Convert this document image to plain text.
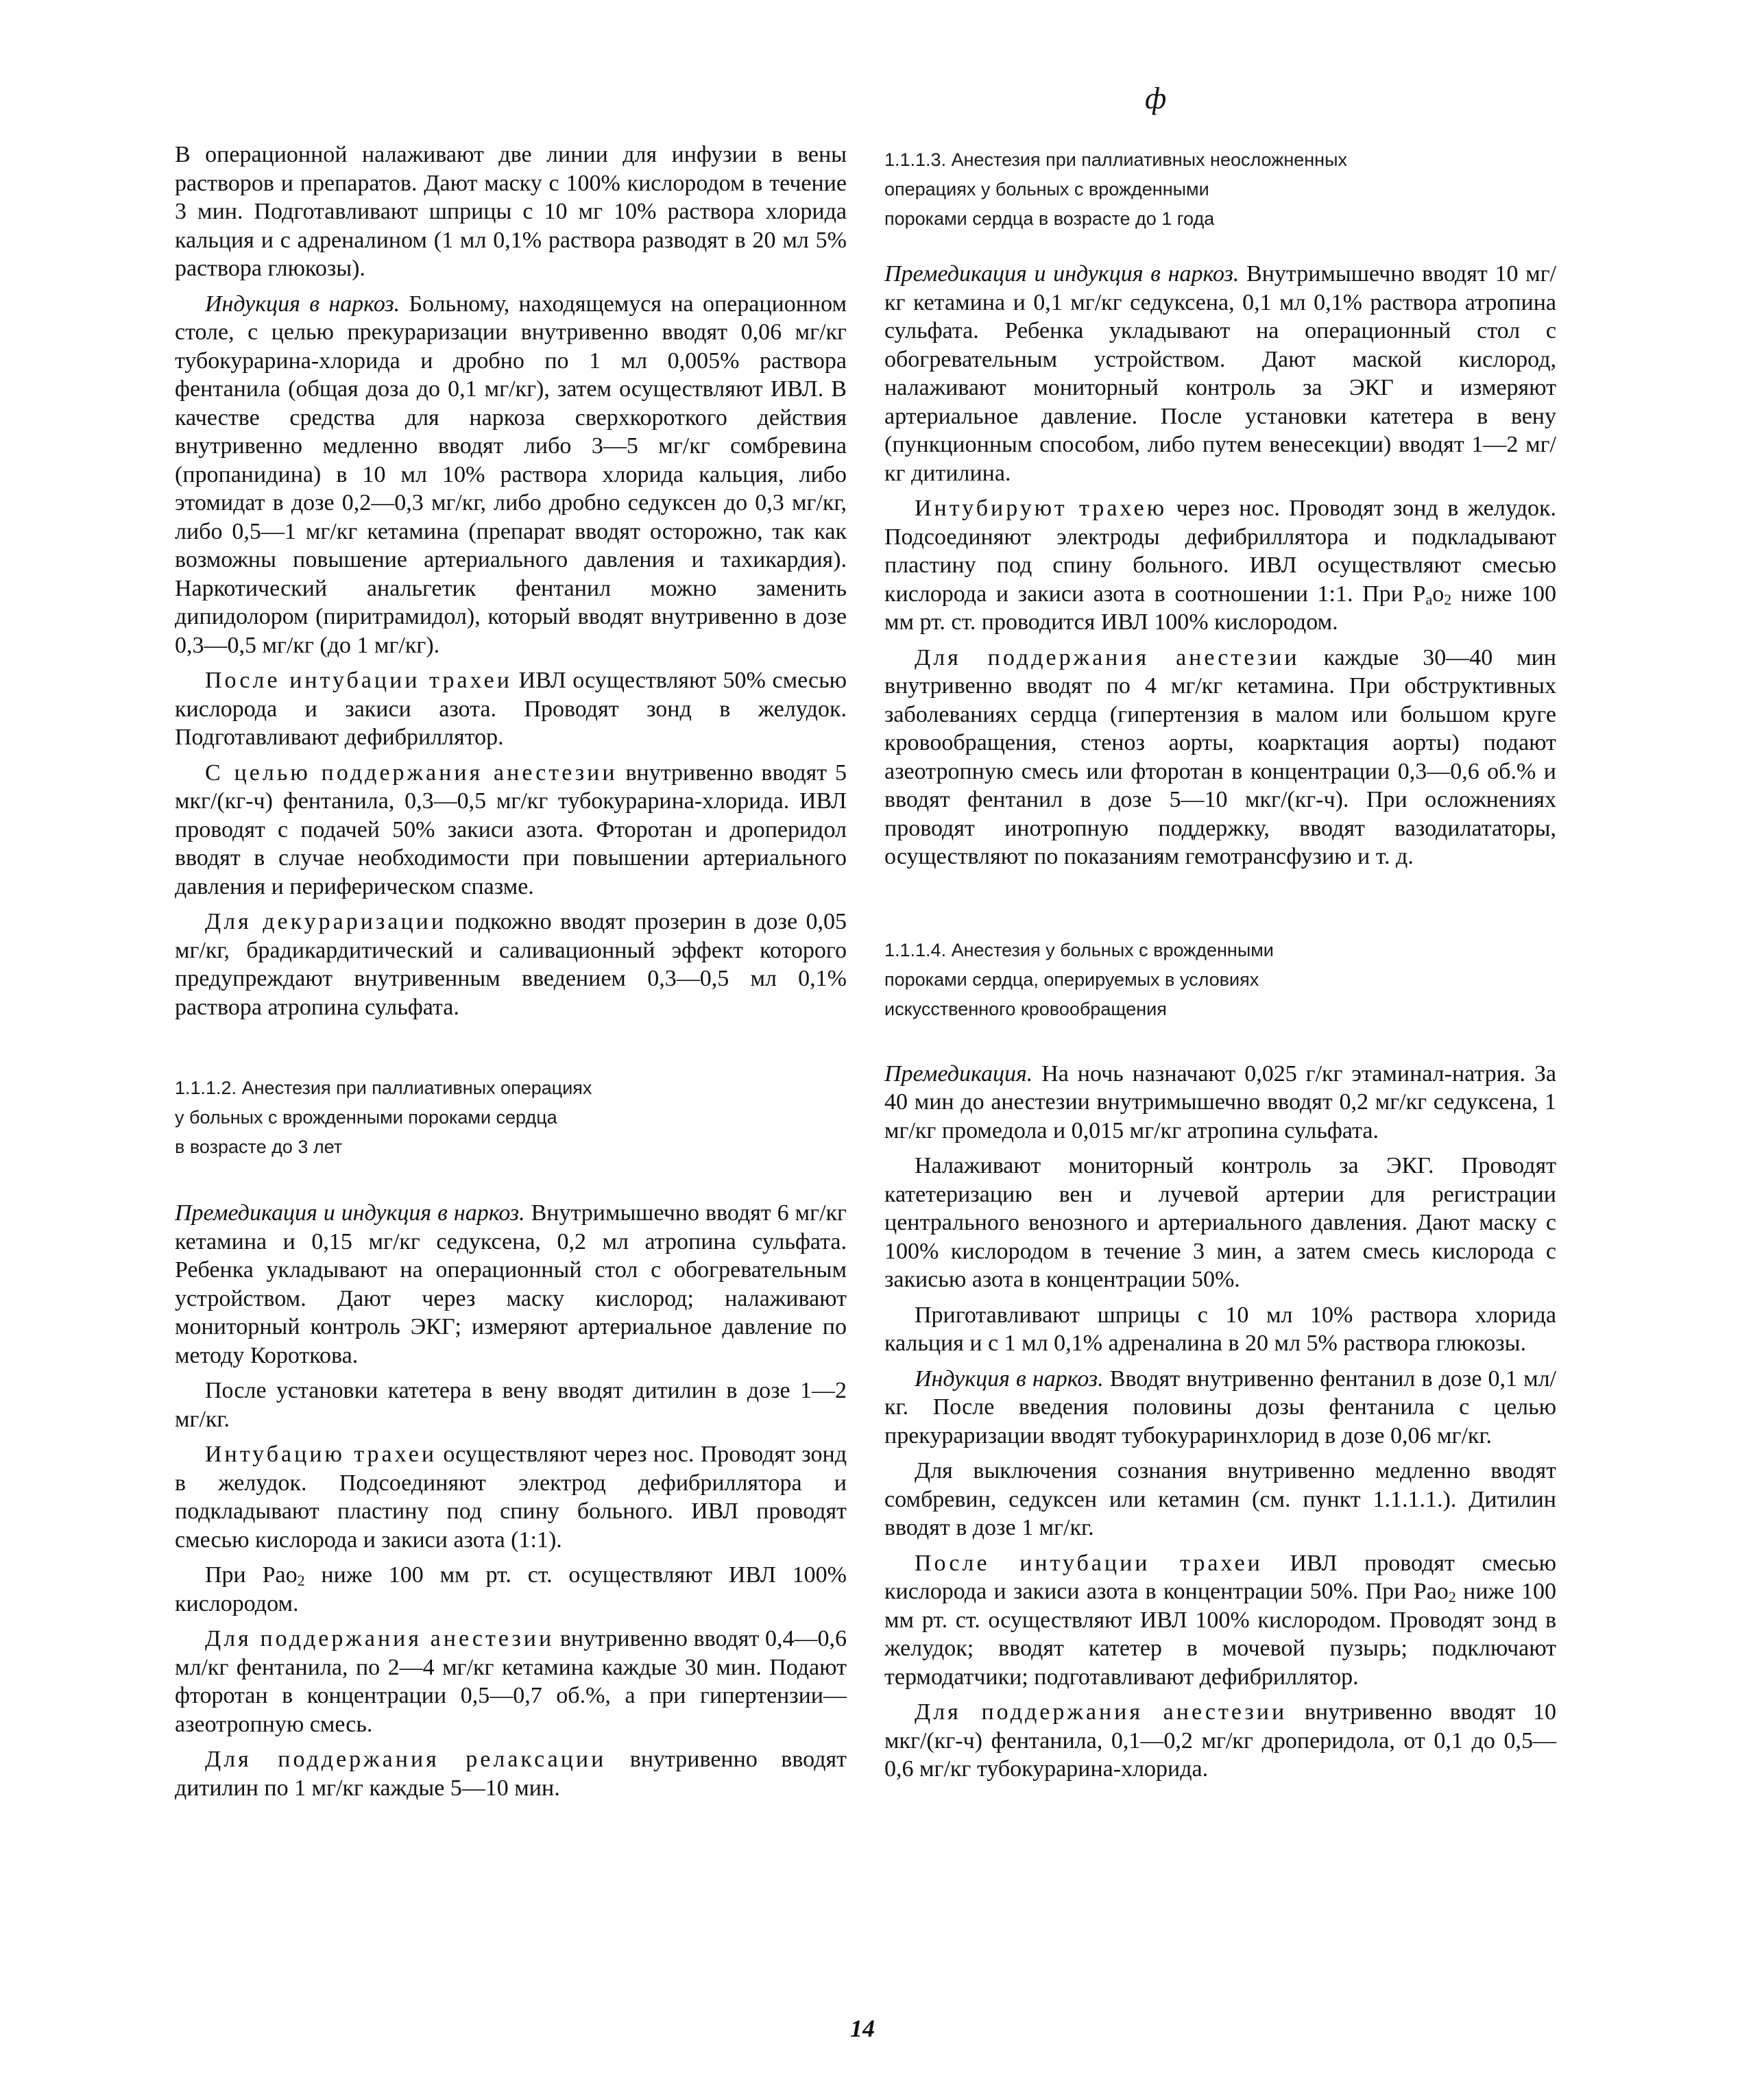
ф

В операционной налаживают две линии для инфузии в вены растворов и препаратов. Дают маску с 100% кислородом в течение 3 мин. Подготавливают шприцы с 10 мг 10% раствора хлорида кальция и с адреналином (1 мл 0,1% раствора разводят в 20 мл 5% раствора глюкозы).

Индукция в наркоз. Больному, находящемуся на операционном столе, с целью прекураризации внутривенно вводят 0,06 мг/кг тубокурарина-хлорида и дробно по 1 мл 0,005% раствора фентанила (общая доза до 0,1 мг/кг), затем осуществляют ИВЛ. В качестве средства для наркоза сверхкороткого действия внутривенно медленно вводят либо 3—5 мг/кг сомбревина (пропанидина) в 10 мл 10% раствора хлорида кальция, либо этомидат в дозе 0,2—0,3 мг/кг, либо дробно седуксен до 0,3 мг/кг, либо 0,5—1 мг/кг кетамина (препарат вводят осторожно, так как возможны повышение артериального давления и тахикардия). Наркотический анальгетик фентанил можно заменить дипидолором (пиритрамидол), который вводят внутривенно в дозе 0,3—0,5 мг/кг (до 1 мг/кг).

После интубации трахеи ИВЛ осуществляют 50% смесью кислорода и закиси азота. Проводят зонд в желудок. Подготавливают дефибриллятор.

С целью поддержания анестезии внутривенно вводят 5 мкг/(кг-ч) фентанила, 0,3—0,5 мг/кг тубокурарина-хлорида. ИВЛ проводят с подачей 50% закиси азота. Фторотан и дроперидол вводят в случае необходимости при повышении артериального давления и периферическом спазме.

Для декураризации подкожно вводят прозерин в дозе 0,05 мг/кг, брадикардитический и саливационный эффект которого предупреждают внутривенным введением 0,3—0,5 мл 0,1% раствора атропина сульфата.

1.1.1.2. Анестезия при паллиативных операциях
у больных с врожденными пороками сердца
в возрасте до 3 лет

Премедикация и индукция в наркоз. Внутримышечно вводят 6 мг/кг кетамина и 0,15 мг/кг седуксена, 0,2 мл атропина сульфата. Ребенка укладывают на операционный стол с обогревательным устройством. Дают через маску кислород; налаживают мониторный контроль ЭКГ; измеряют артериальное давление по методу Короткова.

После установки катетера в вену вводят дитилин в дозе 1—2 мг/кг.

Интубацию трахеи осуществляют через нос. Проводят зонд в желудок. Подсоединяют электрод дефибриллятора и подкладывают пластину под спину больного. ИВЛ проводят смесью кислорода и закиси азота (1:1).

При Рао$_2$ ниже 100 мм рт. ст. осуществляют ИВЛ 100% кислородом.

Для поддержания анестезии внутривенно вводят 0,4—0,6 мл/кг фентанила, по 2—4 мг/кг кетамина каждые 30 мин. Подают фторотан в концентрации 0,5—0,7 об.%, а при гипертензии—азеотропную смесь.

Для поддержания релаксации внутривенно вводят дитилин по 1 мг/кг каждые 5—10 мин.

1.1.1.3. Анестезия при паллиативных неосложненных
операциях у больных с врожденными
пороками сердца в возрасте до 1 года

Премедикация и индукция в наркоз. Внутримышечно вводят 10 мг/кг кетамина и 0,1 мг/кг седуксена, 0,1 мл 0,1% раствора атропина сульфата. Ребенка укладывают на операционный стол с обогревательным устройством. Дают маской кислород, налаживают мониторный контроль за ЭКГ и измеряют артериальное давление. После установки катетера в вену (пункционным способом, либо путем венесекции) вводят 1—2 мг/кг дитилина.

Интубируют трахею через нос. Проводят зонд в желудок. Подсоединяют электроды дефибриллятора и подкладывают пластину под спину больного. ИВЛ осуществляют смесью кислорода и закиси азота в соотношении 1:1. При $P_ao_2$ ниже 100 мм рт. ст. проводится ИВЛ 100% кислородом.

Для поддержания анестезии каждые 30—40 мин внутривенно вводят по 4 мг/кг кетамина. При обструктивных заболеваниях сердца (гипертензия в малом или большом круге кровообращения, стеноз аорты, коарктация аорты) подают азеотропную смесь или фторотан в концентрации 0,3—0,6 об.% и вводят фентанил в дозе 5—10 мкг/(кг-ч). При осложнениях проводят инотропную поддержку, вводят вазодилататоры, осуществляют по показаниям гемотрансфузию и т. д.

1.1.1.4. Анестезия у больных с врожденными
пороками сердца, оперируемых в условиях
искусственного кровообращения

Премедикация. На ночь назначают 0,025 г/кг этаминал-натрия. За 40 мин до анестезии внутримышечно вводят 0,2 мг/кг седуксена, 1 мг/кг промедола и 0,015 мг/кг атропина сульфата.

Налаживают мониторный контроль за ЭКГ. Проводят катетеризацию вен и лучевой артерии для регистрации центрального венозного и артериального давления. Дают маску с 100% кислородом в течение 3 мин, а затем смесь кислорода с закисью азота в концентрации 50%.

Приготавливают шприцы с 10 мл 10% раствора хлорида кальция и с 1 мл 0,1% адреналина в 20 мл 5% раствора глюкозы.

Индукция в наркоз. Вводят внутривенно фентанил в дозе 0,1 мл/кг. После введения половины дозы фентанила с целью прекураризации вводят тубокураринхлорид в дозе 0,06 мг/кг.

Для выключения сознания внутривенно медленно вводят сомбревин, седуксен или кетамин (см. пункт 1.1.1.1.). Дитилин вводят в дозе 1 мг/кг.

После интубации трахеи ИВЛ проводят смесью кислорода и закиси азота в концентрации 50%. При Рао$_2$ ниже 100 мм рт. ст. осуществляют ИВЛ 100% кислородом. Проводят зонд в желудок; вводят катетер в мочевой пузырь; подключают термодатчики; подготавливают дефибриллятор.

Для поддержания анестезии внутривенно вводят 10 мкг/(кг-ч) фентанила, 0,1—0,2 мг/кг дроперидола, от 0,1 до 0,5—0,6 мг/кг тубокурарина-хлорида.

14
